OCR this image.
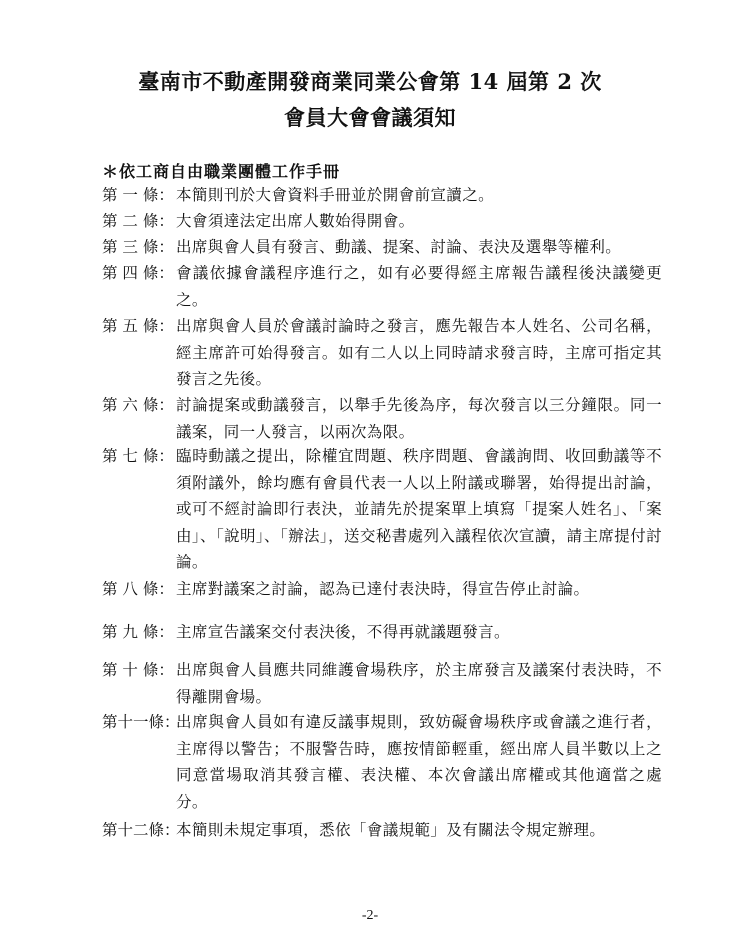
臺南市不動產開發商業同業公會第 14 屆第 2 次
會員大會會議須知
＊依工商自由職業團體工作手冊
第 一 條： 本簡則刊於大會資料手冊並於開會前宣讀之。
第 二 條： 大會須達法定出席人數始得開會。
第 三 條： 出席與會人員有發言、動議、提案、討論、表決及選舉等權利。
第 四 條： 會議依據會議程序進行之，如有必要得經主席報告議程後決議變更之。
第 五 條： 出席與會人員於會議討論時之發言，應先報告本人姓名、公司名稱，經主席許可始得發言。如有二人以上同時請求發言時，主席可指定其發言之先後。
第 六 條： 討論提案或動議發言，以舉手先後為序，每次發言以三分鐘限。同一議案，同一人發言，以兩次為限。
第 七 條： 臨時動議之提出，除權宜問題、秩序問題、會議詢問、收回動議等不須附議外，餘均應有會員代表一人以上附議或聯署，始得提出討論，或可不經討論即行表決，並請先於提案單上填寫「提案人姓名」、「案由」、「說明」、「辦法」，送交秘書處列入議程依次宣讀，請主席提付討論。
第 八 條： 主席對議案之討論，認為已達付表決時，得宣告停止討論。
第 九 條： 主席宣告議案交付表決後，不得再就議題發言。
第 十 條： 出席與會人員應共同維護會場秩序，於主席發言及議案付表決時，不得離開會場。
第十一條：
出席與會人員如有違反議事規則，致妨礙會場秩序或會議之進行者，主席得以警告；不服警告時，應按情節輕重，經出席人員半數以上之同意當場取消其發言權、表決權、本次會議出席權或其他適當之處分。
第十二條：
本簡則未規定事項，悉依「會議規範」及有關法令規定辦理。
-2-
